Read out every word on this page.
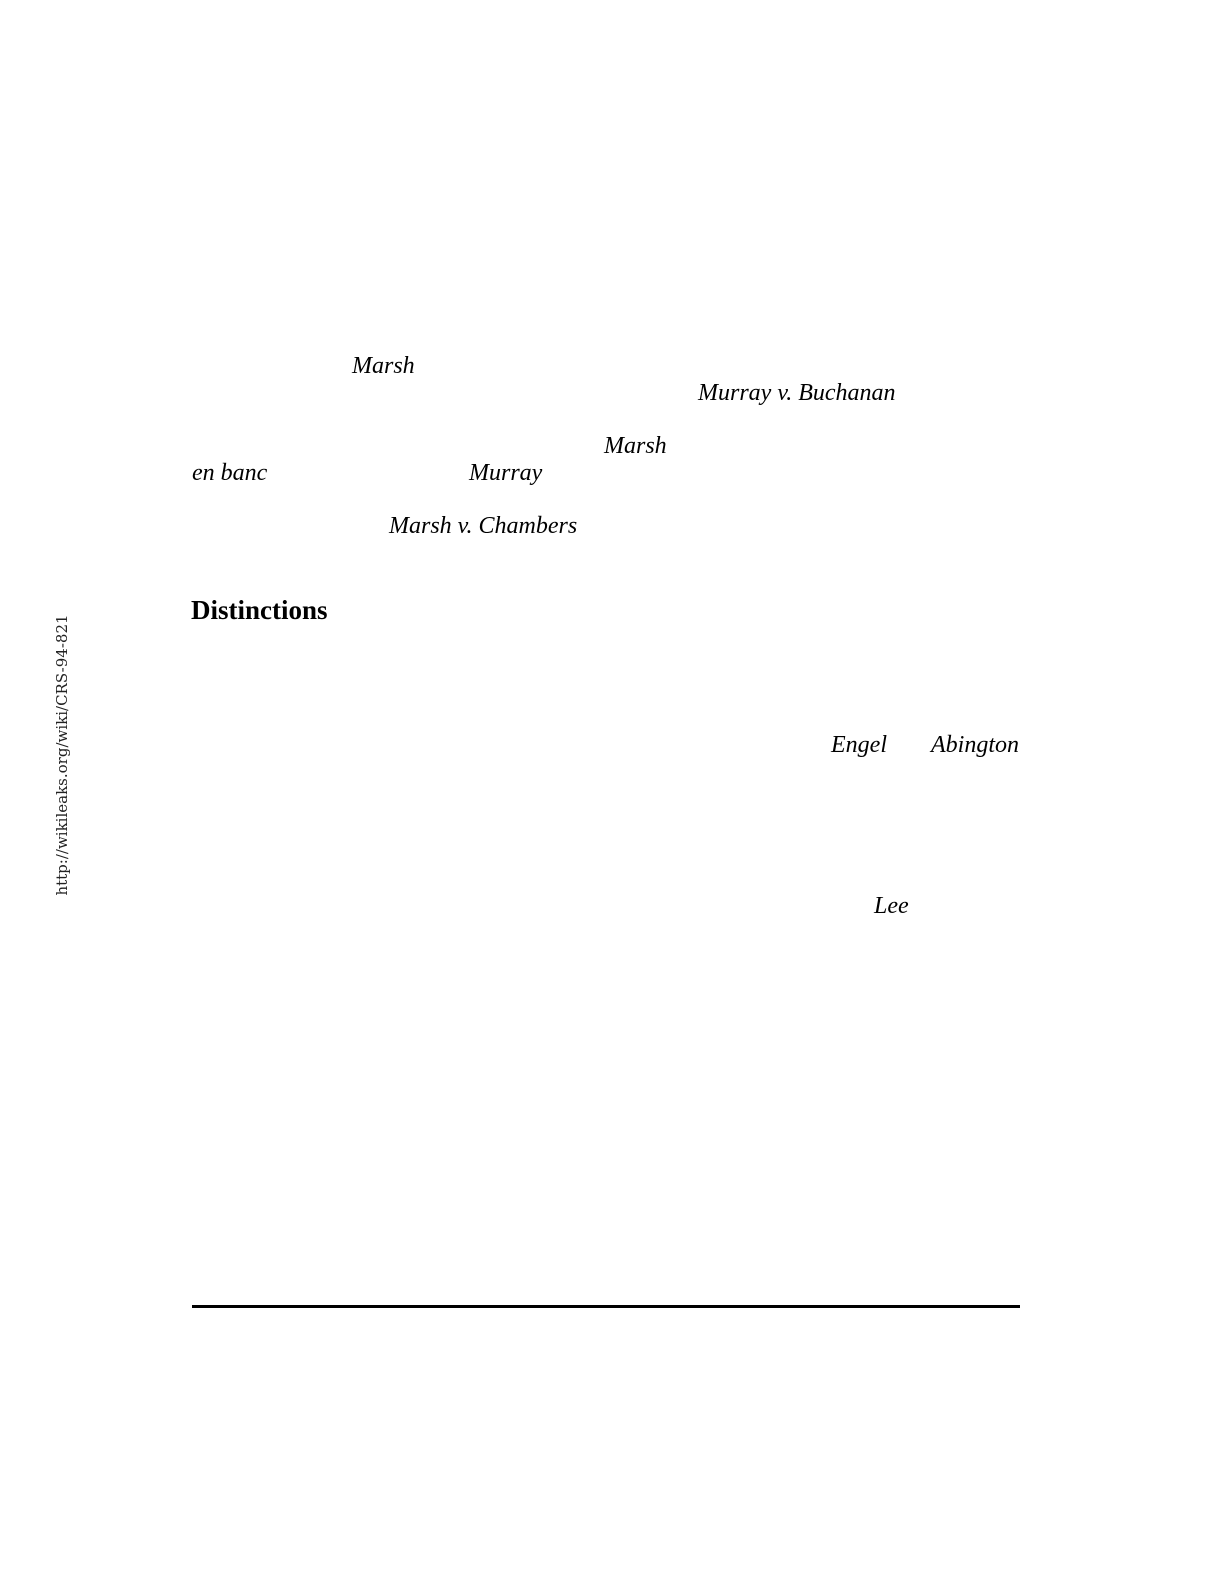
http://wikileaks.org/wiki/CRS-94-821
Marsh
Murray v. Buchanan
Marsh
en banc	Murray
Marsh v. Chambers
Distinctions
Engel Abington
Lee
